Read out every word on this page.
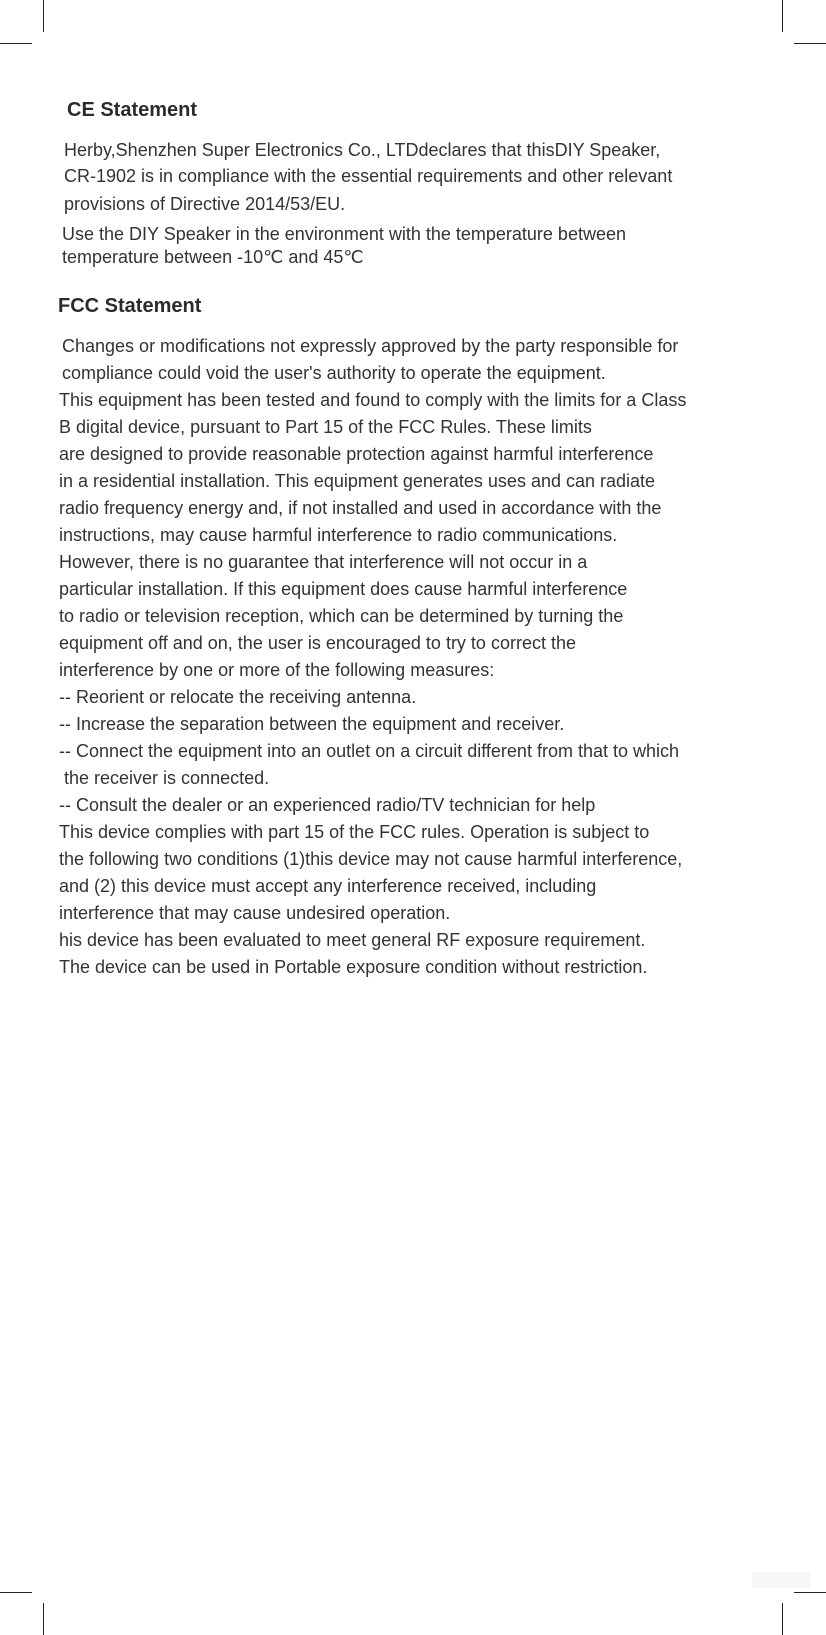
CE Statement

Herby,Shenzhen Super Electronics Co., LTDdeclares that thisDIY Speaker,

CR-1902 is in compliance with the essential requirements and other relevant

provisions of Directive 2014/53/EU.

Use the DIY Speaker in the environment with the temperature between

temperature between -10℃ and 45℃

FCC Statement

Changes or modifications not expressly approved by the party responsible for

compliance could void the user's authority to operate the equipment.

This equipment has been tested and found to comply with the limits for a Class

B digital device, pursuant to Part 15 of the FCC Rules. These limits

are designed to provide reasonable protection against harmful interference

in a residential installation. This equipment generates uses and can radiate

radio frequency energy and, if not installed and used in accordance with the

instructions, may cause harmful interference to radio communications.

However, there is no guarantee that interference will not occur in a

particular installation. If this equipment does cause harmful interference

to radio or television reception, which can be determined by turning the

equipment off and on, the user is encouraged to try to correct the

interference by one or more of the following measures:

-- Reorient or relocate the receiving antenna.

-- Increase the separation between the equipment and receiver.

-- Connect the equipment into an outlet on a circuit different from that to which

the receiver is connected.

-- Consult the dealer or an experienced radio/TV technician for help

This device complies with part 15 of the FCC rules. Operation is subject to

the following two conditions (1)this device may not cause harmful interference,

and (2) this device must accept any interference received, including

interference that may cause undesired operation.

his device has been evaluated to meet general RF exposure requirement.

The device can be used in Portable exposure condition without restriction.
